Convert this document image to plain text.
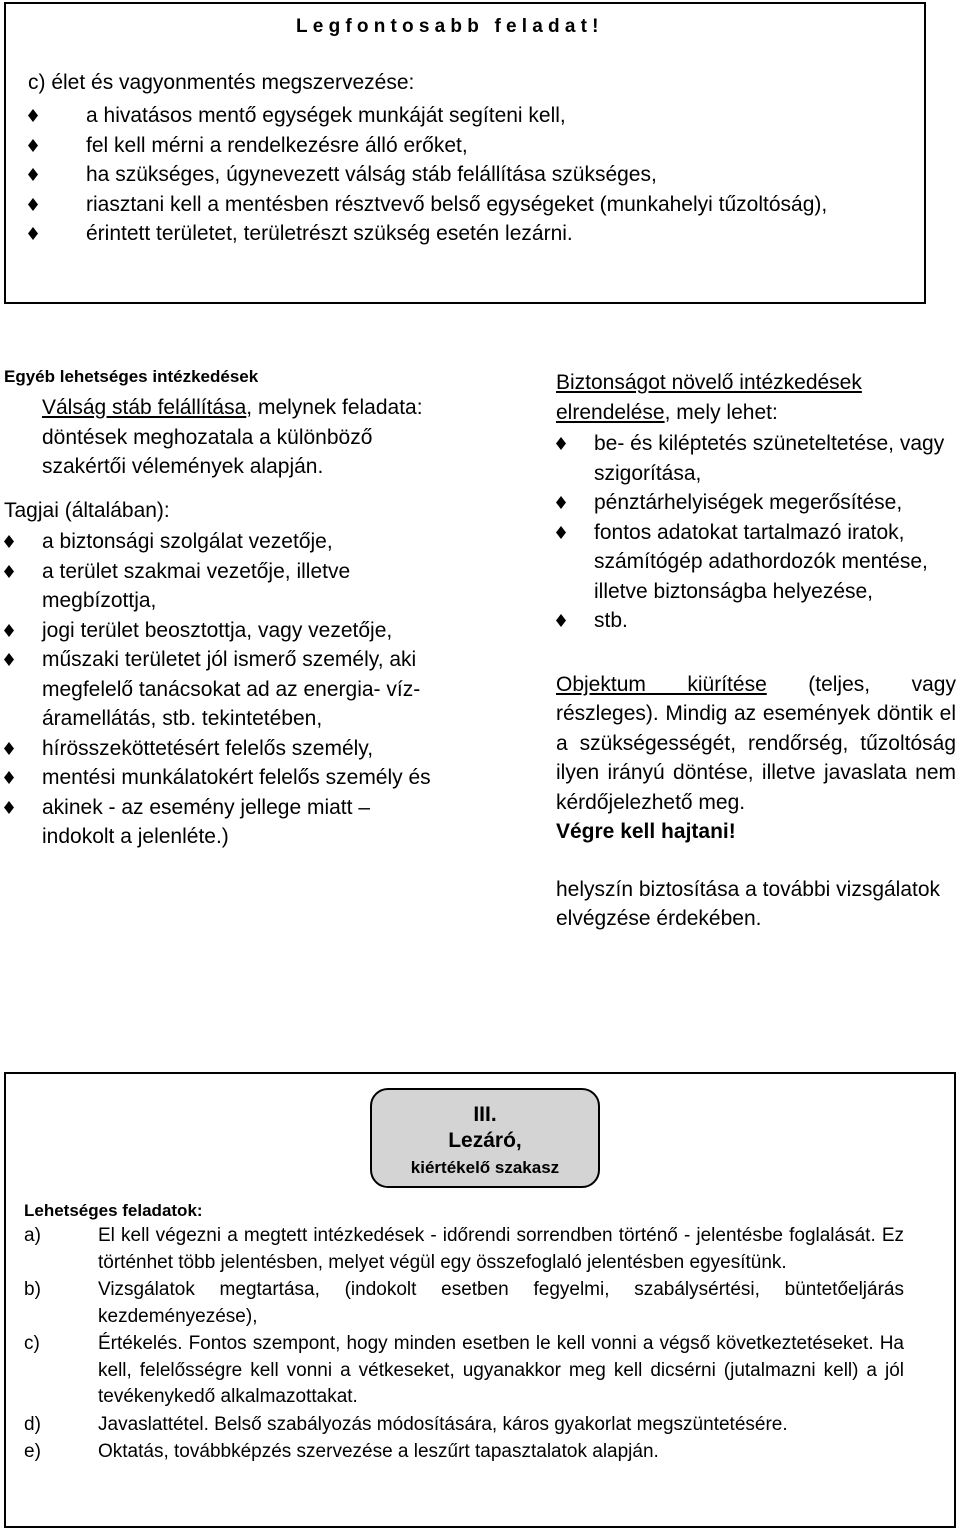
Legfontosabb feladat!
c) élet és vagyonmentés megszervezése:
a hivatásos mentő egységek munkáját segíteni kell,
fel kell mérni a rendelkezésre álló erőket,
ha szükséges, úgynevezett válság stáb felállítása szükséges,
riasztani kell a mentésben résztvevő belső egységeket (munkahelyi tűzoltóság),
érintett területet, területrészt szükség esetén lezárni.
Egyéb lehetséges intézkedések

Válság stáb felállítása, melynek feladata: döntések meghozatala a különböző szakértői vélemények alapján.

Tagjai (általában):
a biztonsági szolgálat vezetője,
a terület szakmai vezetője, illetve megbízottja,
jogi terület beosztottja, vagy vezetője,
műszaki területet jól ismerő személy, aki megfelelő tanácsokat ad az energia- víz- áramellátás, stb. tekintetében,
hírösszeköttetésért felelős személy,
mentési munkálatokért felelős személy és
akinek - az esemény jellege miatt – indokolt a jelenléte.)

Biztonságot növelő intézkedések elrendelése, mely lehet:

be- és kiléptetés szüneteltetése, vagy szigorítása,
pénztárhelyiségek megerősítése,
fontos adatokat tartalmazó iratok, számítógép adathordozók mentése, illetve biztonságba helyezése,
stb.

Objektum kiürítése (teljes, vagy részleges). Mindig az események döntik el a szükségességét, rendőrség, tűzoltóság ilyen irányú döntése, illetve javaslata nem kérdőjelezhető meg.

Végre kell hajtani!

helyszín biztosítása a további vizsgálatok elvégzése érdekében.

III.
Lezáró,
kiértékelő szakasz
Lehetséges feladatok:
a)	El kell végezni a megtett intézkedések - időrendi sorrendben történő - jelentésbe foglalását. Ez történhet több jelentésben, melyet végül egy összefoglaló jelentésben egyesítünk.
b)	Vizsgálatok megtartása, (indokolt esetben fegyelmi, szabálysértési, büntetőeljárás kezdeményezése),
c)	Értékelés. Fontos szempont, hogy minden esetben le kell vonni a végső következtetéseket. Ha kell, felelősségre kell vonni a vétkeseket, ugyanakkor meg kell dicsérni (jutalmazni kell) a jól tevékenykedő alkalmazottakat.
d)	Javaslattétel. Belső szabályozás módosítására, káros gyakorlat megszüntetésére.
e)	Oktatás, továbbképzés szervezése a leszűrt tapasztalatok alapján.
